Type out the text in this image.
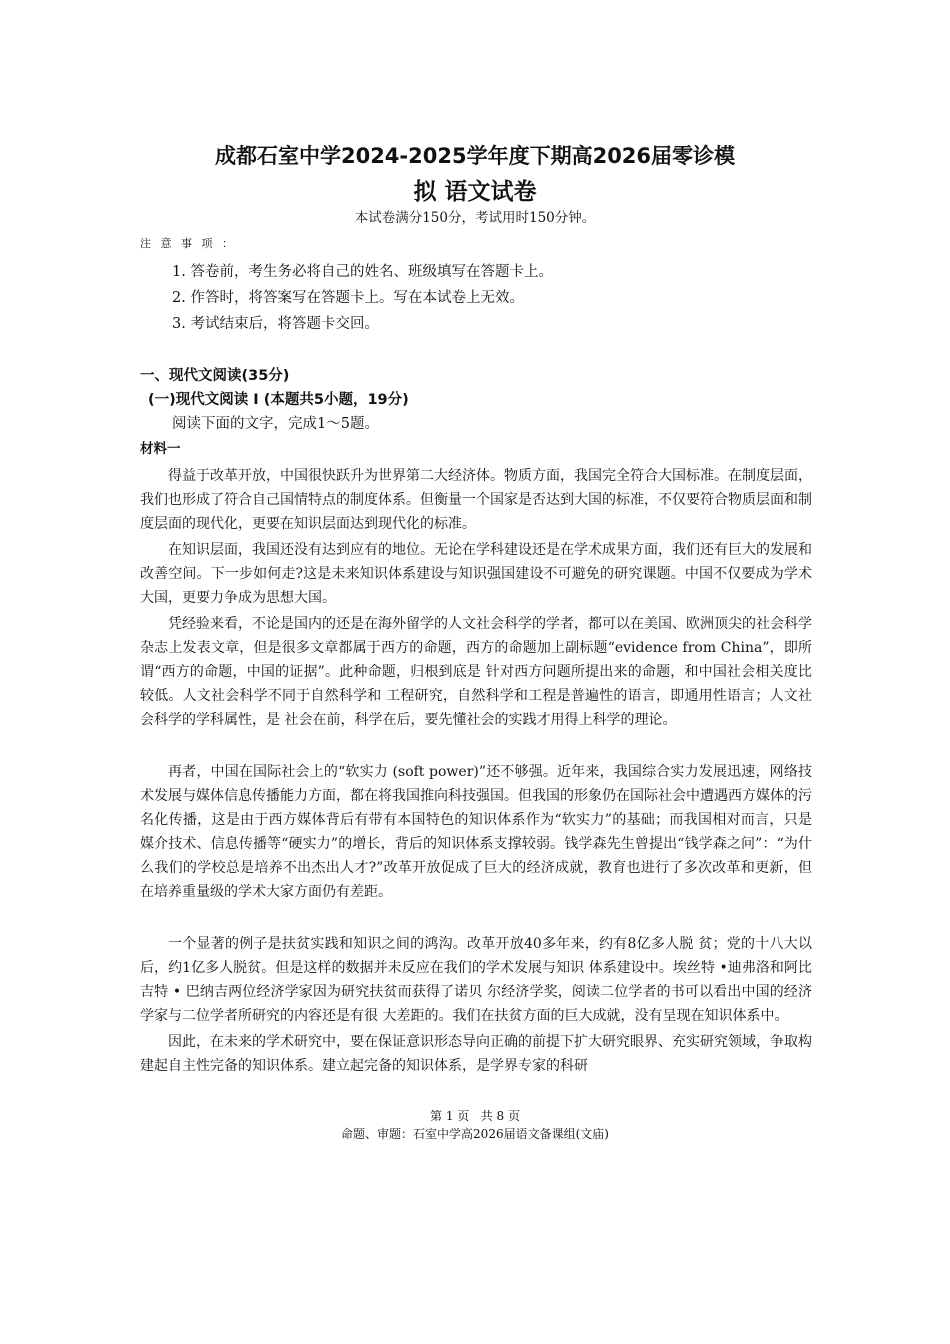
成都石室中学2024-2025学年度下期高2026届零诊模
拟 语文试卷
本试卷满分150分，考试用时150分钟。
注 意 事 项 ：
1. 答卷前，考生务必将自己的姓名、班级填写在答题卡上。
2. 作答时，将答案写在答题卡上。写在本试卷上无效。
3. 考试结束后，将答题卡交回。
一、现代文阅读(35分)
(一)现代文阅读 Ⅰ (本题共5小题，19分)
阅读下面的文字，完成1～5题。
材料一

得益于改革开放，中国很快跃升为世界第二大经济体。物质方面，我国完全符合大国标准。在制度层面，我们也形成了符合自己国情特点的制度体系。但衡量一个国家是否达到大国的标准，不仅要符合物质层面和制度层面的现代化，更要在知识层面达到现代化的标准。

在知识层面，我国还没有达到应有的地位。无论在学科建设还是在学术成果方面，我们还有巨大的发展和改善空间。下一步如何走?这是未来知识体系建设与知识强国建设不可避免的研究课题。中国不仅要成为学术大国，更要力争成为思想大国。

凭经验来看，不论是国内的还是在海外留学的人文社会科学的学者，都可以在美国、欧洲顶尖的社会科学杂志上发表文章，但是很多文章都属于西方的命题，西方的命题加上副标题“evidence from China”，即所谓“西方的命题，中国的证据”。此种命题，归根到底是 针对西方问题所提出来的命题，和中国社会相关度比较低。人文社会科学不同于自然科学和 工程研究，自然科学和工程是普遍性的语言，即通用性语言；人文社会科学的学科属性，是 社会在前，科学在后，要先懂社会的实践才用得上科学的理论。

再者，中国在国际社会上的“软实力 (soft power)”还不够强。近年来，我国综合实力发展迅速，网络技术发展与媒体信息传播能力方面，都在将我国推向科技强国。但我国的形象仍在国际社会中遭遇西方媒体的污名化传播，这是由于西方媒体背后有带有本国特色的知识体系作为“软实力”的基础；而我国相对而言，只是媒介技术、信息传播等“硬实力”的增长，背后的知识体系支撑较弱。钱学森先生曾提出“钱学森之问”：“为什么我们的学校总是培养不出杰出人才?”改革开放促成了巨大的经济成就，教育也进行了多次改革和更新，但在培养重量级的学术大家方面仍有差距。

一个显著的例子是扶贫实践和知识之间的鸿沟。改革开放40多年来，约有8亿多人脱 贫；党的十八大以后，约1亿多人脱贫。但是这样的数据并未反应在我们的学术发展与知识 体系建设中。埃丝特 •迪弗洛和阿比吉特 • 巴纳吉两位经济学家因为研究扶贫而获得了诺贝 尔经济学奖，阅读二位学者的书可以看出中国的经济学家与二位学者所研究的内容还是有很 大差距的。我们在扶贫方面的巨大成就，没有呈现在知识体系中。

因此，在未来的学术研究中，要在保证意识形态导向正确的前提下扩大研究眼界、充实研究领域，争取构建起自主性完备的知识体系。建立起完备的知识体系，是学界专家的科研

第 1 页   共 8 页
命题、审题：石室中学高2026届语文备课组(文庙)
